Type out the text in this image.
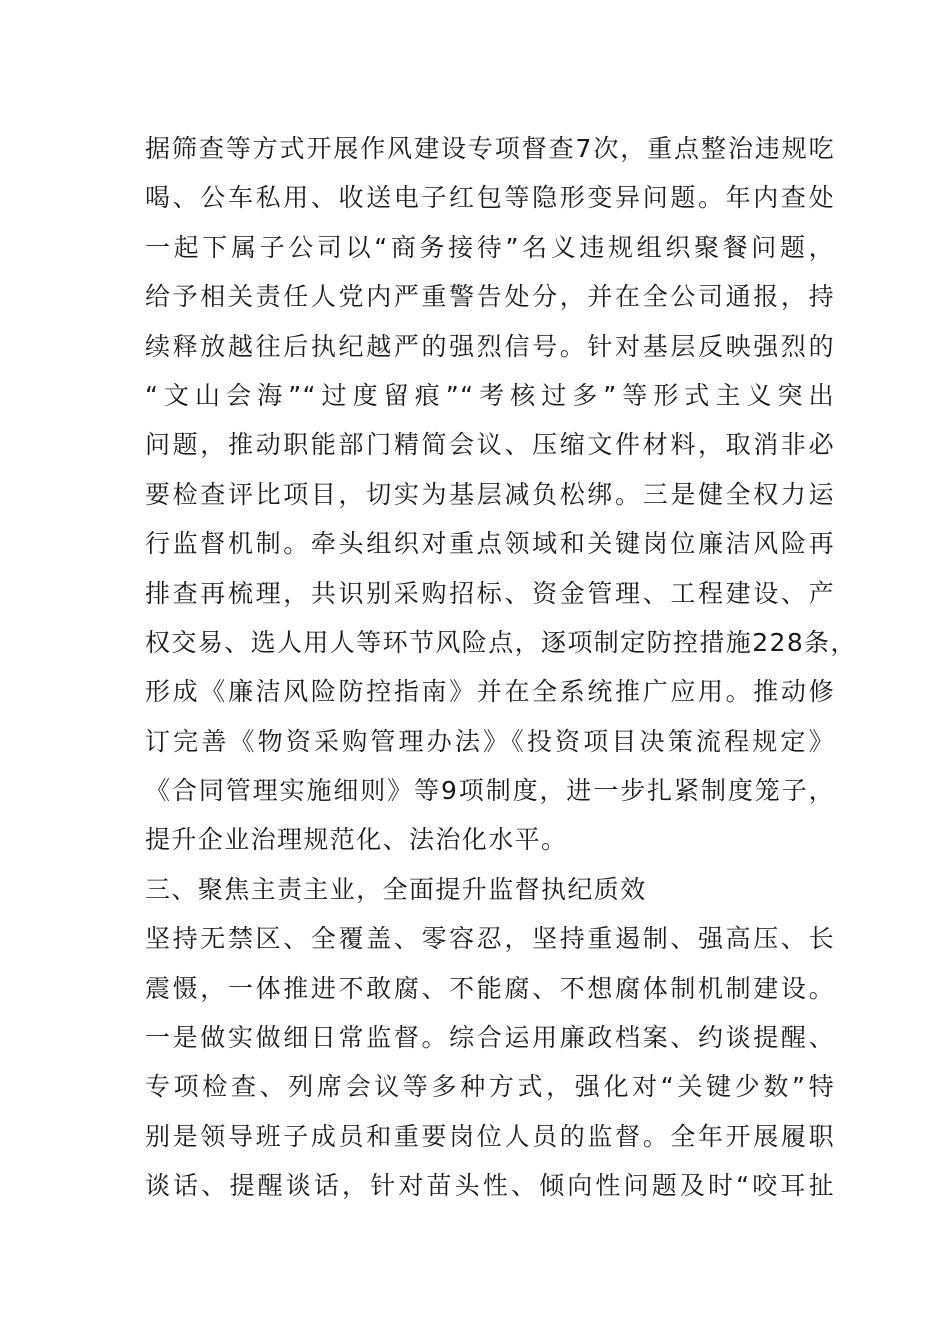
据筛查等方式开展作风建设专项督查7次，重点整治违规吃
喝、公车私用、收送电子红包等隐形变异问题。年内查处
一起下属子公司以“商务接待”名义违规组织聚餐问题，
给予相关责任人党内严重警告处分，并在全公司通报，持
续释放越往后执纪越严的强烈信号。针对基层反映强烈的
“文山会海”“过度留痕”“考核过多”等形式主义突出
问题，推动职能部门精简会议、压缩文件材料，取消非必
要检查评比项目，切实为基层减负松绑。三是健全权力运
行监督机制。牵头组织对重点领域和关键岗位廉洁风险再
排查再梳理，共识别采购招标、资金管理、工程建设、产
权交易、选人用人等环节风险点，逐项制定防控措施228条，
形成《廉洁风险防控指南》并在全系统推广应用。推动修
订完善《物资采购管理办法》《投资项目决策流程规定》
《合同管理实施细则》等9项制度，进一步扎紧制度笼子，
提升企业治理规范化、法治化水平。
三、聚焦主责主业，全面提升监督执纪质效
坚持无禁区、全覆盖、零容忍，坚持重遏制、强高压、长
震慑，一体推进不敢腐、不能腐、不想腐体制机制建设。
一是做实做细日常监督。综合运用廉政档案、约谈提醒、
专项检查、列席会议等多种方式，强化对“关键少数”特
别是领导班子成员和重要岗位人员的监督。全年开展履职
谈话、提醒谈话，针对苗头性、倾向性问题及时“咬耳扯
